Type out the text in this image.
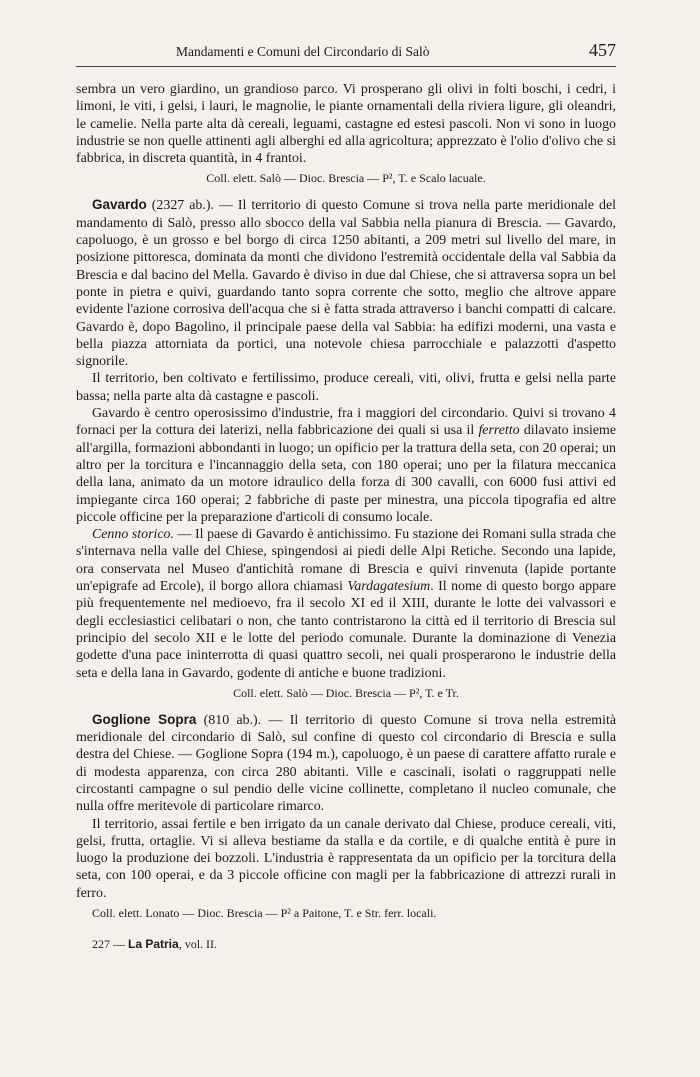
Mandamenti e Comuni del Circondario di Salò	457

sembra un vero giardino, un grandioso parco. Vi prosperano gli olivi in folti boschi, i cedri, i limoni, le viti, i gelsi, i lauri, le magnolie, le piante ornamentali della riviera ligure, gli oleandri, le camelie. Nella parte alta dà cereali, leguami, castagne ed estesi pascoli. Non vi sono in luogo industrie se non quelle attinenti agli alberghi ed alla agricoltura; apprezzato è l'olio d'olivo che si fabbrica, in discreta quantità, in 4 frantoi.

Coll. elett. Salò — Dioc. Brescia — P², T. e Scalo lacuale.

Gavardo (2327 ab.). — Il territorio di questo Comune si trova nella parte meridionale del mandamento di Salò, presso allo sbocco della val Sabbia nella pianura di Brescia. — Gavardo, capoluogo, è un grosso e bel borgo di circa 1250 abitanti, a 209 metri sul livello del mare, in posizione pittoresca, dominata da monti che dividono l'estremità occidentale della val Sabbia da Brescia e dal bacino del Mella. Gavardo è diviso in due dal Chiese, che si attraversa sopra un bel ponte in pietra e quivi, guardando tanto sopra corrente che sotto, meglio che altrove appare evidente l'azione corrosiva dell'acqua che si è fatta strada attraverso i banchi compatti di calcare. Gavardo è, dopo Bagolino, il principale paese della val Sabbia: ha edifizi moderni, una vasta e bella piazza attorniata da portici, una notevole chiesa parrocchiale e palazzotti d'aspetto signorile.

Il territorio, ben coltivato e fertilissimo, produce cereali, viti, olivi, frutta e gelsi nella parte bassa; nella parte alta dà castagne e pascoli.

Gavardo è centro operosissimo d'industrie, fra i maggiori del circondario. Quivi si trovano 4 fornaci per la cottura dei laterizi, nella fabbricazione dei quali si usa il ferretto dilavato insieme all'argilla, formazioni abbondanti in luogo; un opificio per la trattura della seta, con 20 operai; un altro per la torcitura e l'incannaggio della seta, con 180 operai; uno per la filatura meccanica della lana, animato da un motore idraulico della forza di 300 cavalli, con 6000 fusi attivi ed impiegante circa 160 operai; 2 fabbriche di paste per minestra, una piccola tipografia ed altre piccole officine per la preparazione d'articoli di consumo locale.

Cenno storico. — Il paese di Gavardo è antichissimo. Fu stazione dei Romani sulla strada che s'internava nella valle del Chiese, spingendosi ai piedi delle Alpi Retiche. Secondo una lapide, ora conservata nel Museo d'antichità romane di Brescia e quivi rinvenuta (lapide portante un'epigrafe ad Ercole), il borgo allora chiamasi Vardagatesium. Il nome di questo borgo appare più frequentemente nel medioevo, fra il secolo XI ed il XIII, durante le lotte dei valvassori e degli ecclesiastici celibatari o non, che tanto contristarono la città ed il territorio di Brescia sul principio del secolo XII e le lotte del periodo comunale. Durante la dominazione di Venezia godette d'una pace ininterrotta di quasi quattro secoli, nei quali prosperarono le industrie della seta e della lana in Gavardo, godente di antiche e buone tradizioni.

Coll. elett. Salò — Dioc. Brescia — P², T. e Tr.

Goglione Sopra (810 ab.). — Il territorio di questo Comune si trova nella estremità meridionale del circondario di Salò, sul confine di questo col circondario di Brescia e sulla destra del Chiese. — Goglione Sopra (194 m.), capoluogo, è un paese di carattere affatto rurale e di modesta apparenza, con circa 280 abitanti. Ville e cascinali, isolati o raggruppati nelle circostanti campagne o sul pendio delle vicine collinette, completano il nucleo comunale, che nulla offre meritevole di particolare rimarco.

Il territorio, assai fertile e ben irrigato da un canale derivato dal Chiese, produce cereali, viti, gelsi, frutta, ortaglie. Vi si alleva bestiame da stalla e da cortile, e di qualche entità è pure in luogo la produzione dei bozzoli. L'industria è rappresentata da un opificio per la torcitura della seta, con 100 operai, e da 3 piccole officine con magli per la fabbricazione di attrezzi rurali in ferro.

Coll. elett. Lonato — Dioc. Brescia — P² a Paitone, T. e Str. ferr. locali.
227 — La Patria, vol. II.
